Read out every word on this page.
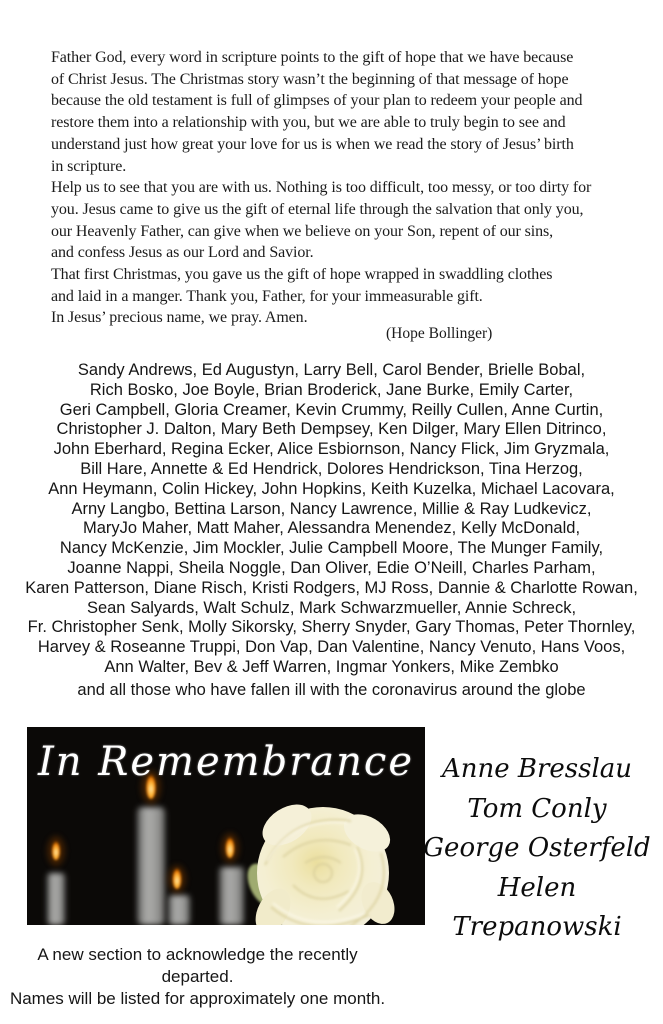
Father God, every word in scripture points to the gift of hope that we have because
of Christ Jesus. The Christmas story wasn’t the beginning of that message of hope
because the old testament is full of glimpses of your plan to redeem your people and
restore them into a relationship with you, but we are able to truly begin to see and
understand just how great your love for us is when we read the story of Jesus’ birth
in scripture.
Help us to see that you are with us. Nothing is too difficult, too messy, or too dirty for
you. Jesus came to give us the gift of eternal life through the salvation that only you,
our Heavenly Father, can give when we believe on your Son, repent of our sins,
and confess Jesus as our Lord and Savior.
That first Christmas, you gave us the gift of hope wrapped in swaddling clothes
and laid in a manger. Thank you, Father, for your immeasurable gift.
In Jesus’ precious name, we pray. Amen.
(Hope Bollinger)
Sandy Andrews, Ed Augustyn, Larry Bell, Carol Bender, Brielle Bobal,
Rich Bosko, Joe Boyle, Brian Broderick, Jane Burke, Emily Carter,
Geri Campbell, Gloria Creamer, Kevin Crummy, Reilly Cullen, Anne Curtin,
Christopher J. Dalton, Mary Beth Dempsey, Ken Dilger, Mary Ellen Ditrinco,
John Eberhard, Regina Ecker, Alice Esbiornson, Nancy Flick, Jim Gryzmala,
Bill Hare, Annette & Ed Hendrick, Dolores Hendrickson, Tina Herzog,
Ann Heymann, Colin Hickey, John Hopkins, Keith Kuzelka, Michael Lacovara,
Arny Langbo, Bettina Larson, Nancy Lawrence, Millie & Ray Ludkevicz,
MaryJo Maher, Matt Maher, Alessandra Menendez, Kelly McDonald,
Nancy McKenzie, Jim Mockler, Julie Campbell Moore, The Munger Family,
Joanne Nappi, Sheila Noggle, Dan Oliver, Edie O’Neill, Charles Parham,
Karen Patterson, Diane Risch, Kristi Rodgers, MJ Ross, Dannie & Charlotte Rowan,
Sean Salyards, Walt Schulz, Mark Schwarzmueller, Annie Schreck,
Fr. Christopher Senk, Molly Sikorsky, Sherry Snyder, Gary Thomas, Peter Thornley,
Harvey & Roseanne Truppi, Don Vap, Dan Valentine, Nancy Venuto, Hans Voos,
Ann Walter, Bev & Jeff Warren, Ingmar Yonkers, Mike Zembko
and all those who have fallen ill with the coronavirus around the globe
In Remembrance	Anne Bresslau
Tom Conly
George Osterfeld
Helen Trepanowski
A new section to acknowledge the recently departed.
Names will be listed for approximately one month.
